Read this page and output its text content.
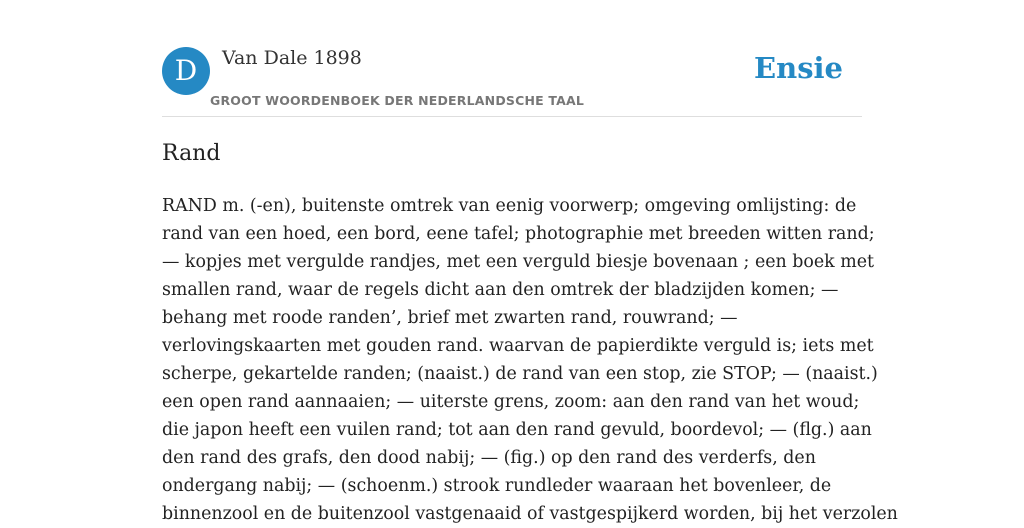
D	Van Dale 1898
GROOT WOORDENBOEK DER NEDERLANDSCHE TAAL
Ensie
Rand

RAND m. (-en), buitenste omtrek van eenig voorwerp; omgeving omlijsting: de
rand van een hoed, een bord, eene tafel; photographie met breeden witten rand;
— kopjes met vergulde randjes, met een verguld biesje bovenaan ; een boek met
smallen rand, waar de regels dicht aan den omtrek der bladzijden komen; —
behang met roode randen’, brief met zwarten rand, rouwrand; —
verlovingskaarten met gouden rand. waarvan de papierdikte verguld is; iets met
scherpe, gekartelde randen; (naaist.) de rand van een stop, zie STOP; — (naaist.)
een open rand aannaaien; — uiterste grens, zoom: aan den rand van het woud;
die japon heeft een vuilen rand; tot aan den rand gevuld, boordevol; — (flg.) aan
den rand des grafs, den dood nabij; — (fig.) op den rand des verderfs, den
ondergang nabij; — (schoenm.) strook rundleder waaraan het bovenleer, de
binnenzool en de buitenzool vastgenaaid of vastgespijkerd worden, bij het verzolen
